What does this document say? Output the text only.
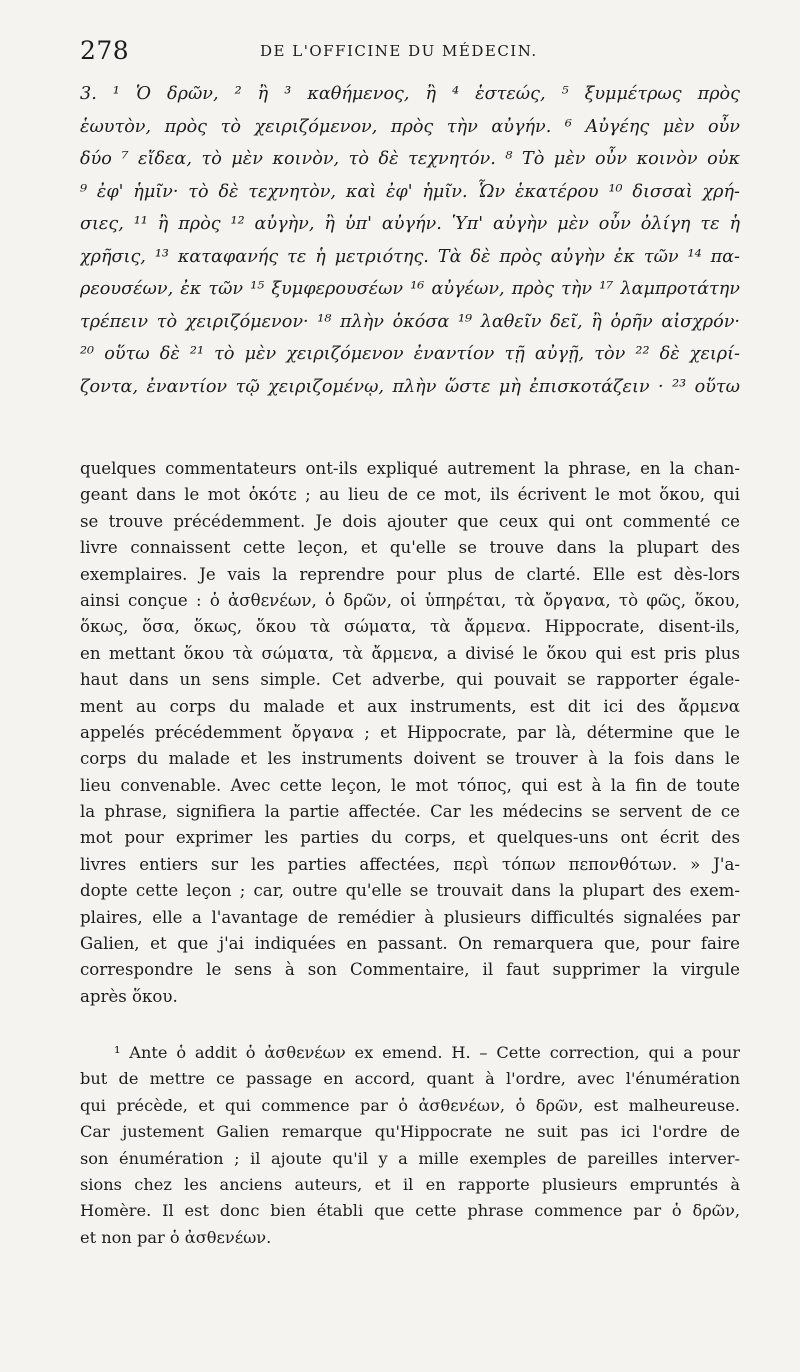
278	DE L'OFFICINE DU MÉDECIN.
3. ¹ Ὁ δρῶν, ² ἢ ³ καθήμενος, ἢ ⁴ ἑστεώς, ⁵ ξυμμέτρως πρὸς
ἑωυτὸν, πρὸς τὸ χειριζόμενον, πρὸς τὴν αὐγήν. ⁶ Αὐγέης μὲν οὖν
δύο ⁷ εἴδεα, τὸ μὲν κοινὸν, τὸ δὲ τεχνητόν. ⁸ Τὸ μὲν οὖν κοινὸν οὐκ
⁹ ἐφ' ἡμῖν· τὸ δὲ τεχνητὸν, καὶ ἐφ' ἡμῖν. Ὧν ἑκατέρου ¹⁰ δισσαὶ χρή-
σιες, ¹¹ ἢ πρὸς ¹² αὐγὴν, ἢ ὑπ' αὐγήν. Ὑπ' αὐγὴν μὲν οὖν ὀλίγη τε ἡ
χρῆσις, ¹³ καταφανής τε ἡ μετριότης. Τὰ δὲ πρὸς αὐγὴν ἐκ τῶν ¹⁴ πα-
ρεουσέων, ἐκ τῶν ¹⁵ ξυμφερουσέων ¹⁶ αὐγέων, πρὸς τὴν ¹⁷ λαμπροτάτην
τρέπειν τὸ χειριζόμενον· ¹⁸ πλὴν ὁκόσα ¹⁹ λαθεῖν δεῖ, ἢ ὁρῆν αἰσχρόν·
²⁰ οὕτω δὲ ²¹ τὸ μὲν χειριζόμενον ἐναντίον τῇ αὐγῇ, τὸν ²² δὲ χειρί-
ζοντα, ἐναντίον τῷ χειριζομένῳ, πλὴν ὥστε μὴ ἐπισκοτάζειν · ²³ οὕτω
quelques commentateurs ont-ils expliqué autrement la phrase, en la chan-
geant dans le mot ὁκότε ; au lieu de ce mot, ils écrivent le mot ὅκου, qui
se trouve précédemment. Je dois ajouter que ceux qui ont commenté ce
livre connaissent cette leçon, et qu'elle se trouve dans la plupart des
exemplaires. Je vais la reprendre pour plus de clarté. Elle est dès-lors
ainsi conçue : ὁ ἀσθενέων, ὁ δρῶν, οἱ ὑπηρέται, τὰ ὄργανα, τὸ φῶς, ὅκου,
ὅκως, ὅσα, ὅκως, ὅκου τὰ σώματα, τὰ ἄρμενα. Hippocrate, disent-ils,
en mettant ὅκου τὰ σώματα, τὰ ἄρμενα, a divisé le ὅκου qui est pris plus
haut dans un sens simple. Cet adverbe, qui pouvait se rapporter égale-
ment au corps du malade et aux instruments, est dit ici des ἄρμενα
appelés précédemment ὄργανα ; et Hippocrate, par là, détermine que le
corps du malade et les instruments doivent se trouver à la fois dans le
lieu convenable. Avec cette leçon, le mot τόπος, qui est à la fin de toute
la phrase, signifiera la partie affectée. Car les médecins se servent de ce
mot pour exprimer les parties du corps, et quelques-uns ont écrit des
livres entiers sur les parties affectées, περὶ τόπων πεπονθότων. » J'a-
dopte cette leçon ; car, outre qu'elle se trouvait dans la plupart des exem-
plaires, elle a l'avantage de remédier à plusieurs difficultés signalées par
Galien, et que j'ai indiquées en passant. On remarquera que, pour faire
correspondre le sens à son Commentaire, il faut supprimer la virgule
après ὅκου.
¹ Ante ὁ addit ὁ ἀσθενέων ex emend. H. – Cette correction, qui a pour
but de mettre ce passage en accord, quant à l'ordre, avec l'énumération
qui précède, et qui commence par ὁ ἀσθενέων, ὁ δρῶν, est malheureuse.
Car justement Galien remarque qu'Hippocrate ne suit pas ici l'ordre de
son énumération ; il ajoute qu'il y a mille exemples de pareilles interver-
sions chez les anciens auteurs, et il en rapporte plusieurs empruntés à
Homère. Il est donc bien établi que cette phrase commence par ὁ δρῶν,
et non par ὁ ἀσθενέων.
